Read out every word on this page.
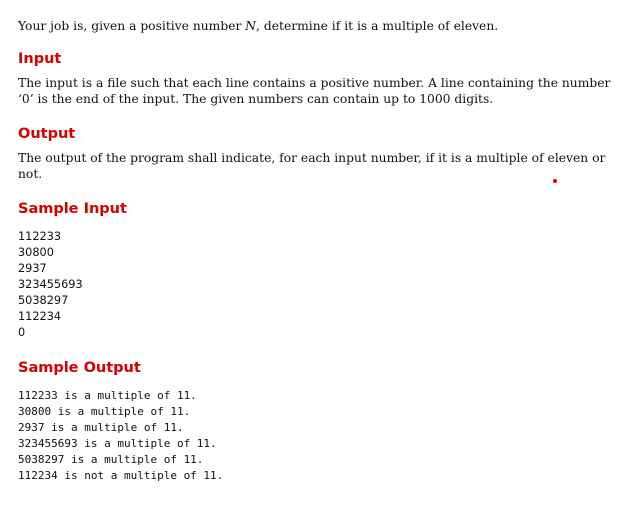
Your job is, given a positive number N, determine if it is a multiple of eleven.

Input

The input is a file such that each line contains a positive number. A line containing the number ‘0’ is the end of the input. The given numbers can contain up to 1000 digits.

Output

The output of the program shall indicate, for each input number, if it is a multiple of eleven or not.

Sample Input
112233
30800
2937
323455693
5038297
112234
0
Sample Output
112233 is a multiple of 11.
30800 is a multiple of 11.
2937 is a multiple of 11.
323455693 is a multiple of 11.
5038297 is a multiple of 11.
112234 is not a multiple of 11.
